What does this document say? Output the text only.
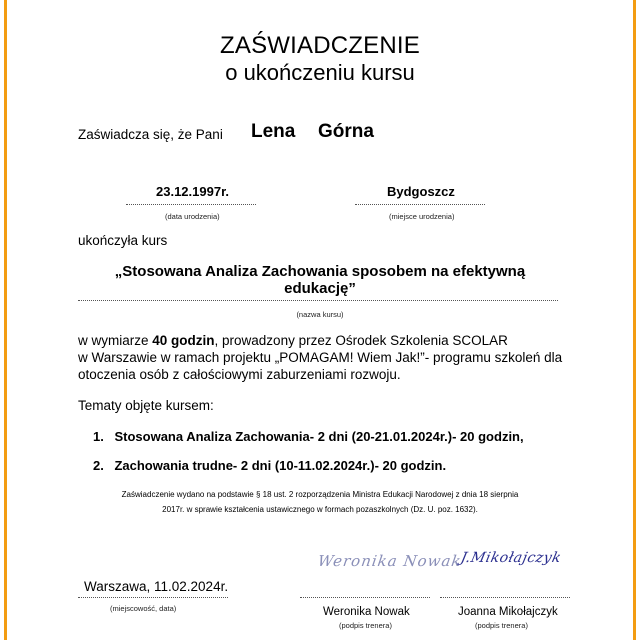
ZAŚWIADCZENIE
o ukończeniu kursu
Zaświadcza się, że Pani Lena Górna
23.12.1997r.
(data urodzenia)
Bydgoszcz
(miejsce urodzenia)
ukończyła kurs
„Stosowana Analiza Zachowania sposobem na efektywną
edukację”
(nazwa kursu)
w wymiarze 40 godzin, prowadzony przez Ośrodek Szkolenia SCOLAR
w Warszawie w ramach projektu „POMAGAM! Wiem Jak!”- programu szkoleń dla
otoczenia osób z całościowymi zaburzeniami rozwoju.
Tematy objęte kursem:
1. Stosowana Analiza Zachowania- 2 dni (20-21.01.2024r.)- 20 godzin,
2. Zachowania trudne- 2 dni (10-11.02.2024r.)- 20 godzin.
Zaświadczenie wydano na podstawie § 18 ust. 2 rozporządzenia Ministra Edukacji Narodowej z dnia 18 sierpnia
2017r. w sprawie kształcenia ustawicznego w formach pozaszkolnych (Dz. U. poz. 1632).
Weronika Nowak
J.Mikołajczyk
Warszawa, 11.02.2024r.
(miejscowość, data)	Weronika Nowak
(podpis trenera)
Joanna Mikołajczyk
(podpis trenera)
